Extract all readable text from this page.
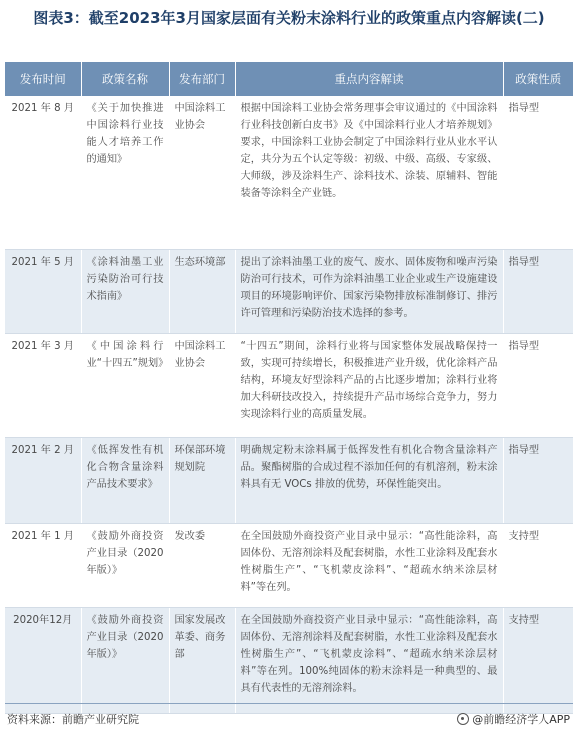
图表3：截至2023年3月国家层面有关粉末涂料行业的政策重点内容解读(二)
发布时间	政策名称	发布部门	重点内容解读	政策性质
2021 年 8 月	《关于加快推进中国涂料行业技能人才培养工作的通知》	中国涂料工业协会	根据中国涂料工业协会常务理事会审议通过的《中国涂料行业科技创新白皮书》及《中国涂料行业人才培养规划》要求，中国涂料工业协会制定了中国涂料行业从业水平认定，共分为五个认定等级：初级、中级、高级、专家级、大师级，涉及涂料生产、涂料技术、涂装、原辅料、智能装备等涂料全产业链。	指导型
2021 年 5 月	《涂料油墨工业污染防治可行技术指南》	生态环境部	提出了涂料油墨工业的废气、废水、固体废物和噪声污染防治可行技术，可作为涂料油墨工业企业或生产设施建设项目的环境影响评价、国家污染物排放标准制修订、排污许可管理和污染防治技术选择的参考。	指导型
2021 年 3 月	《中国涂料行业“十四五”规划》	中国涂料工业协会	“十四五”期间，涂料行业将与国家整体发展战略保持一致，实现可持续增长，积极推进产业升级，优化涂料产品结构，环境友好型涂料产品的占比逐步增加；涂料行业将加大科研技改投入，持续提升产品市场综合竞争力，努力实现涂料行业的高质量发展。	指导型
2021 年 2 月	《低挥发性有机化合物含量涂料产品技术要求》	环保部环境规划院	明确规定粉末涂料属于低挥发性有机化合物含量涂料产品。聚酯树脂的合成过程不添加任何的有机溶剂，粉末涂料具有无 VOCs 排放的优势，环保性能突出。	指导型
2021 年 1 月	《鼓励外商投资产业目录（2020 年版）》	发改委	在全国鼓励外商投资产业目录中显示：“高性能涂料，高固体份、无溶剂涂料及配套树脂，水性工业涂料及配套水性树脂生产”、“飞机蒙皮涂料”、“超疏水纳米涂层材料”等在列。	支持型
2020年12月	《鼓励外商投资产业目录（2020 年版）》	国家发展改革委、商务部	在全国鼓励外商投资产业目录中显示：“高性能涂料，高固体份、无溶剂涂料及配套树脂，水性工业涂料及配套水性树脂生产”、“飞机蒙皮涂料”、“超疏水纳米涂层材料”等在列。100%纯固体的粉末涂料是一种典型的、最具有代表性的无溶剂涂料。	支持型
资料来源：前瞻产业研究院	@前瞻经济学人APP
